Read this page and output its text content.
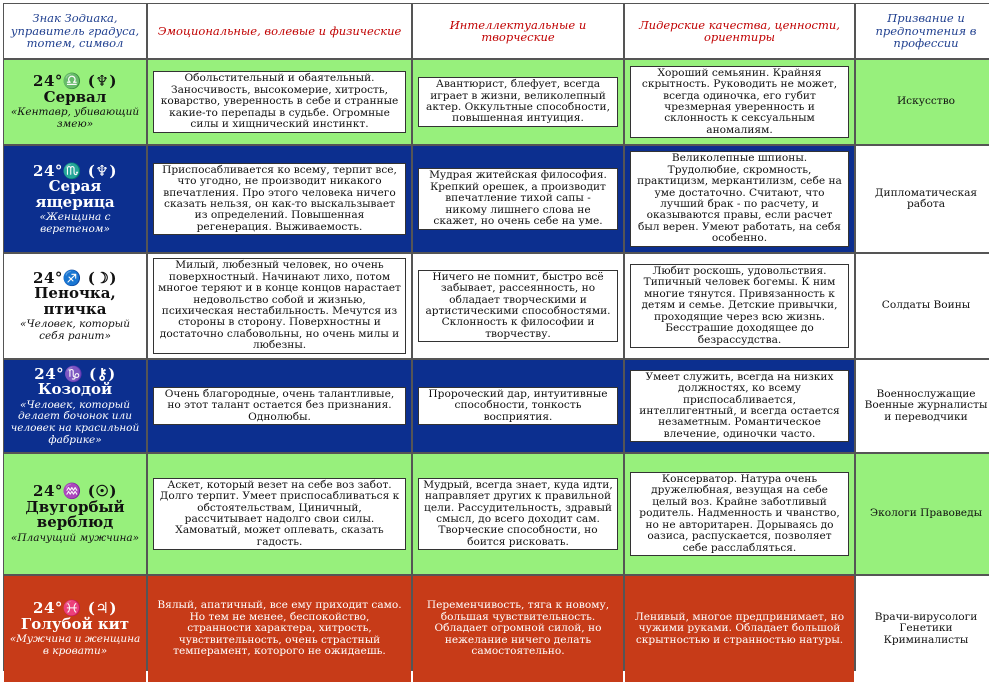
Знак Зодиака, управитель градуса, тотем, символ
Эмоциональные, волевые и физические	Интеллектуальные и творческие
Лидерские качества, ценности, ориентиры
Призвание и предпочтения в профессии
24°♎ (♆)
Сервал
«Кентавр, убивающий змею»
Обольстительный и обаятельный. Заносчивость, высокомерие, хитрость, коварство, уверенность в себе и странные какие-то перепады в судьбе. Огромные силы и хищнический инстинкт.
Авантюрист, блефует, всегда играет в жизни, великолепный актер. Оккультные способности, повышенная интуиция.
Хороший семьянин. Крайняя скрытность. Руководить не может, всегда одиночка, его губит чрезмерная уверенность и склонность к сексуальным аномалиям.
Искусство
24°♏ (♆)
Серая ящерица
«Женщина с веретеном»
Приспосабливается ко всему, терпит все, что угодно, не производит никакого впечатления. Про этого человека ничего сказать нельзя, он как-то выскальзывает из определений. Повышенная регенерация. Выживаемость.
Мудрая житейская философия. Крепкий орешек, а производит впечатление тихой сапы - никому лишнего слова не скажет, но очень себе на уме.
Великолепные шпионы. Трудолюбие, скромность, практицизм, меркантилизм, себе на уме достаточно. Считают, что лучший брак - по расчету, и оказываются правы, если расчет был верен. Умеют работать, на себя особенно.
Дипломатическая работа
24°♐ (☽)
Пеночка, птичка
«Человек, который себя ранит»
Милый, любезный человек, но очень поверхностный. Начинают лихо, потом многое теряют и в конце концов нарастает недовольство собой и жизнью, психическая нестабильность. Мечутся из стороны в сторону. Поверхностны и достаточно слабовольны, но очень милы и любезны.
Ничего не помнит, быстро всё забывает, рассеянность, но обладает творческими и артистическими способностями. Склонность к философии и творчеству.
Любит роскошь, удовольствия. Типичный человек богемы. К ним многие тянутся. Привязанность к детям и семье. Детские привычки, проходящие через всю жизнь. Бесстрашие доходящее до безрассудства.
Солдаты Воины
24°♑ (⚷)
Козодой
«Человек, который делает бочонок или человек на красильной фабрике»
Очень благородные, очень талантливые, но этот талант остается без признания. Однолюбы.
Пророческий дар, интуитивные способности, тонкость восприятия.
Умеет служить, всегда на низких должностях, ко всему приспосабливается, интеллигентный, и всегда остается незаметным. Романтическое влечение, одиночки часто.
Военнослужащие Военные журналисты и переводчики
24°♒ (☉)
Двугорбый верблюд
«Плачущий мужчина»
Аскет, который везет на себе воз забот. Долго терпит. Умеет приспосабливаться к обстоятельствам, Циничный, рассчитывает надолго свои силы. Хамоватый, может оплевать, сказать гадость.
Мудрый, всегда знает, куда идти, направляет других к правильной цели. Рассудительность, здравый смысл, до всего доходит сам. Творческие способности, но боится рисковать.
Консерватор. Натура очень дружелюбная, везущая на себе целый воз. Крайне заботливый родитель. Надменность и чванство, но не авторитарен. Дорываясь до оазиса, распускается, позволяет себе расслабляться.
Экологи Правоведы
24°♓ (♃)
Голубой кит
«Мужчина и женщина в кровати»
Вялый, апатичный, все ему приходит само. Но тем не менее, беспокойство, странности характера, хитрость, чувствительность, очень страстный темперамент, которого не ожидаешь.
Переменчивость, тяга к новому, большая чувствительность. Обладает огромной силой, но нежелание ничего делать самостоятельно.
Ленивый, многое предпринимает, но чужими руками. Обладает большой скрытностью и странностью натуры.
Врачи-вирусологи Генетики Криминалисты
